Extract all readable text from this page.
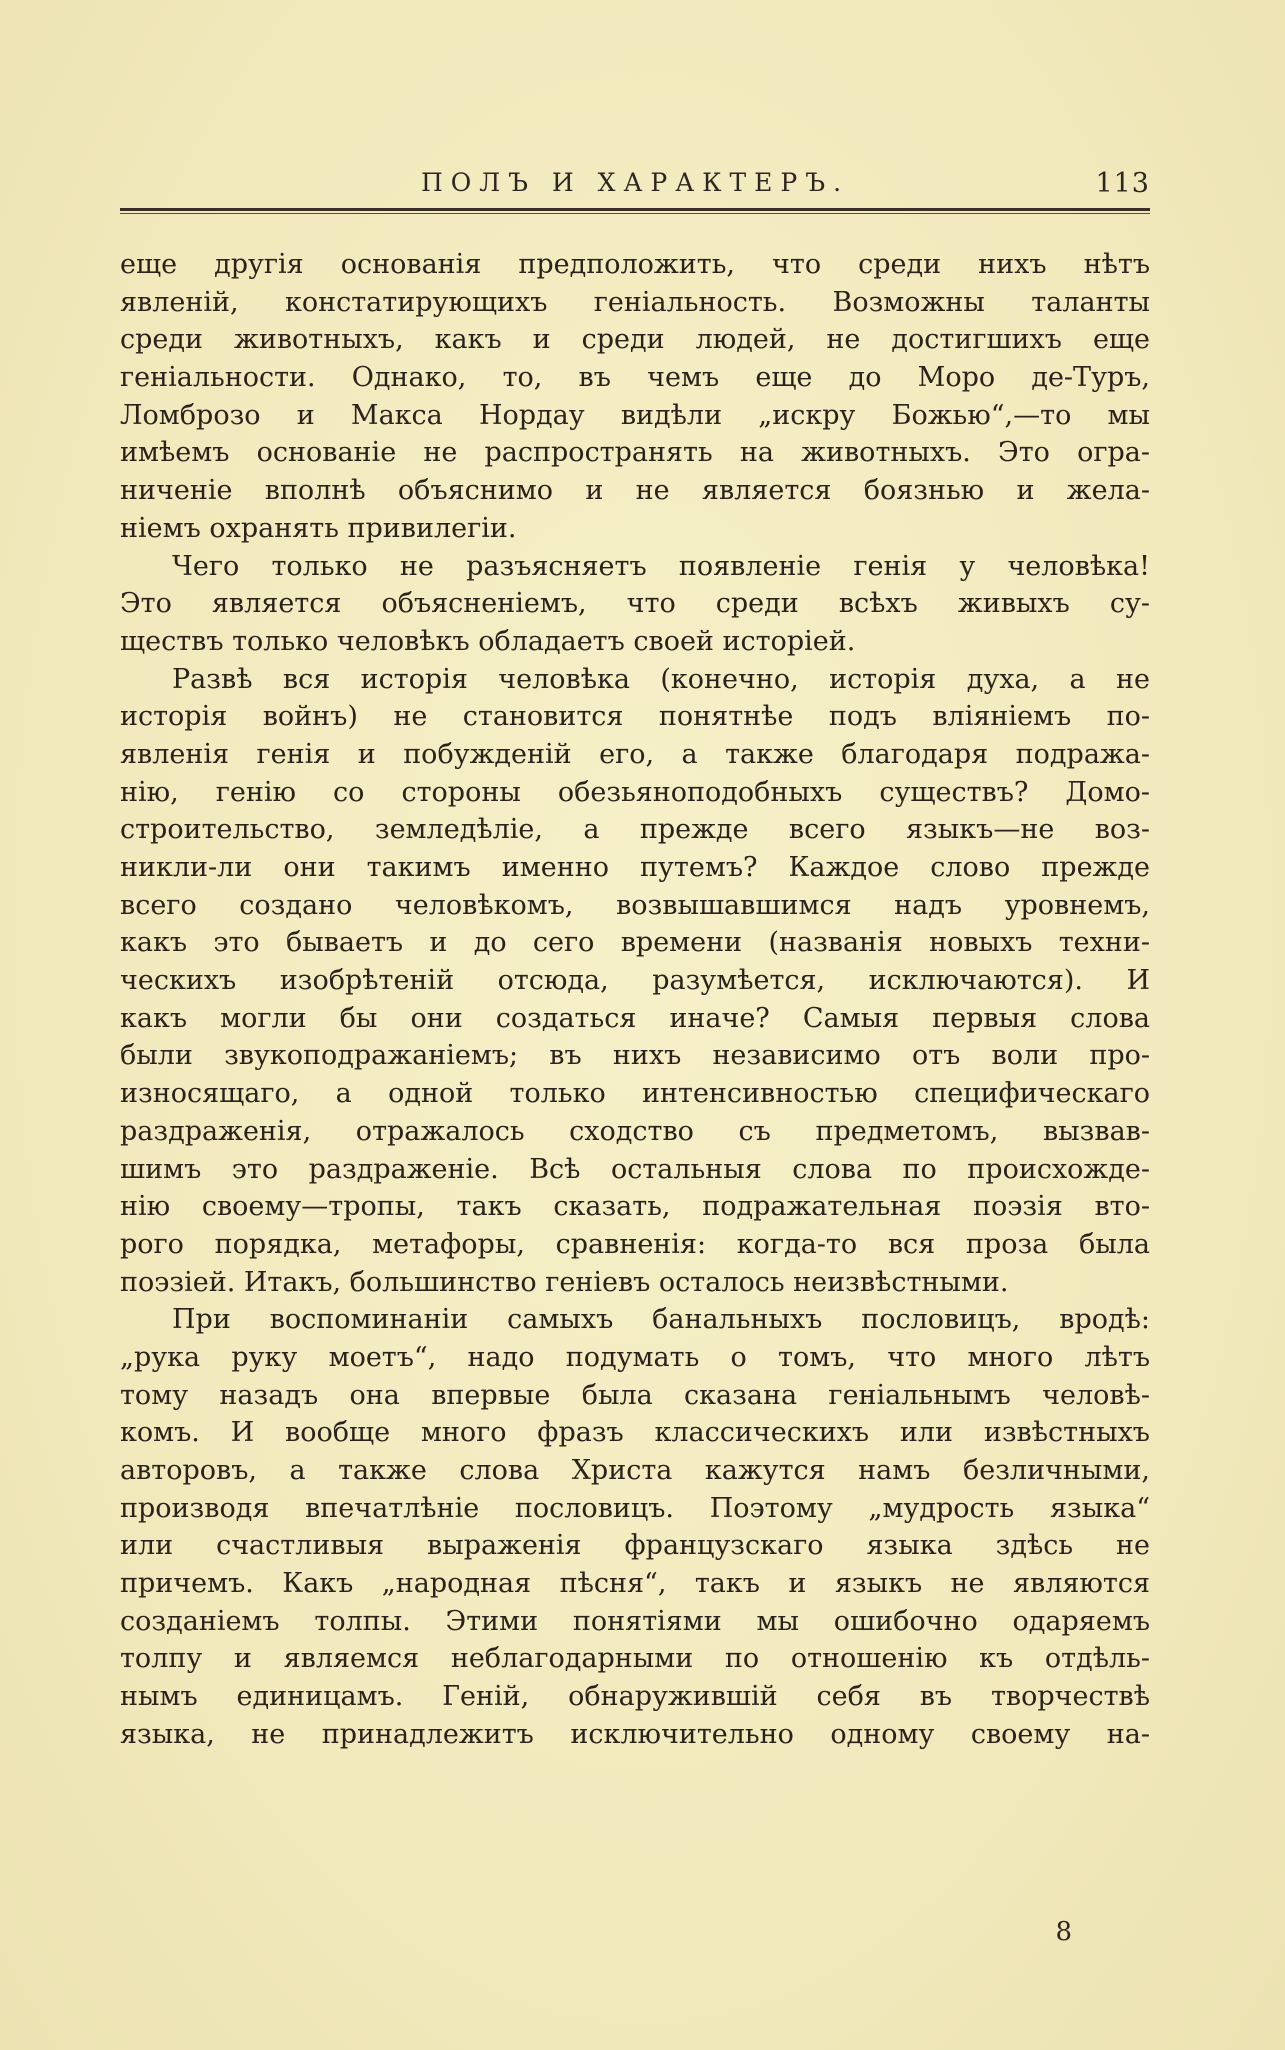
ПОЛЪ И ХАРАКТЕРЪ.	113
еще другія основанія предположить, что среди нихъ нѣтъ
явленій, констатирующихъ геніальность. Возможны таланты
среди животныхъ, какъ и среди людей, не достигшихъ еще
геніальности. Однако, то, въ чемъ еще до Моро де-Туръ,
Ломброзо и Макса Нордау видѣли „искру Божью“,—то мы
имѣемъ основаніе не распространять на животныхъ. Это огра-
ниченіе вполнѣ объяснимо и не является боязнью и жела-
ніемъ охранять привилегіи.
Чего только не разъясняетъ появленіе генія у человѣка!
Это является объясненіемъ, что среди всѣхъ живыхъ су-
ществъ только человѣкъ обладаетъ своей исторіей.
Развѣ вся исторія человѣка (конечно, исторія духа, а не
исторія войнъ) не становится понятнѣе подъ вліяніемъ по-
явленія генія и побужденій его, а также благодаря подража-
нію, генію со стороны обезьяноподобныхъ существъ? Домо-
строительство, земледѣліе, а прежде всего языкъ—не воз-
никли-ли они такимъ именно путемъ? Каждое слово прежде
всего создано человѣкомъ, возвышавшимся надъ уровнемъ,
какъ это бываетъ и до сего времени (названія новыхъ техни-
ческихъ изобрѣтеній отсюда, разумѣется, исключаются). И
какъ могли бы они создаться иначе? Самыя первыя слова
были звукоподражаніемъ; въ нихъ независимо отъ воли про-
износящаго, а одной только интенсивностью специфическаго
раздраженія, отражалось сходство съ предметомъ, вызвав-
шимъ это раздраженіе. Всѣ остальныя слова по происхожде-
нію своему—тропы, такъ сказать, подражательная поэзія вто-
рого порядка, метафоры, сравненія: когда-то вся проза была
поэзіей. Итакъ, большинство геніевъ осталось неизвѣстными.
При воспоминаніи самыхъ банальныхъ пословицъ, вродѣ:
„рука руку моетъ“, надо подумать о томъ, что много лѣтъ
тому назадъ она впервые была сказана геніальнымъ человѣ-
комъ. И вообще много фразъ классическихъ или извѣстныхъ
авторовъ, а также слова Христа кажутся намъ безличными,
производя впечатлѣніе пословицъ. Поэтому „мудрость языка“
или счастливыя выраженія французскаго языка здѣсь не
причемъ. Какъ „народная пѣсня“, такъ и языкъ не являются
созданіемъ толпы. Этими понятіями мы ошибочно одаряемъ
толпу и являемся неблагодарными по отношенію къ отдѣль-
нымъ единицамъ. Геній, обнаружившій себя въ творчествѣ
языка, не принадлежитъ исключительно одному своему на-
8
